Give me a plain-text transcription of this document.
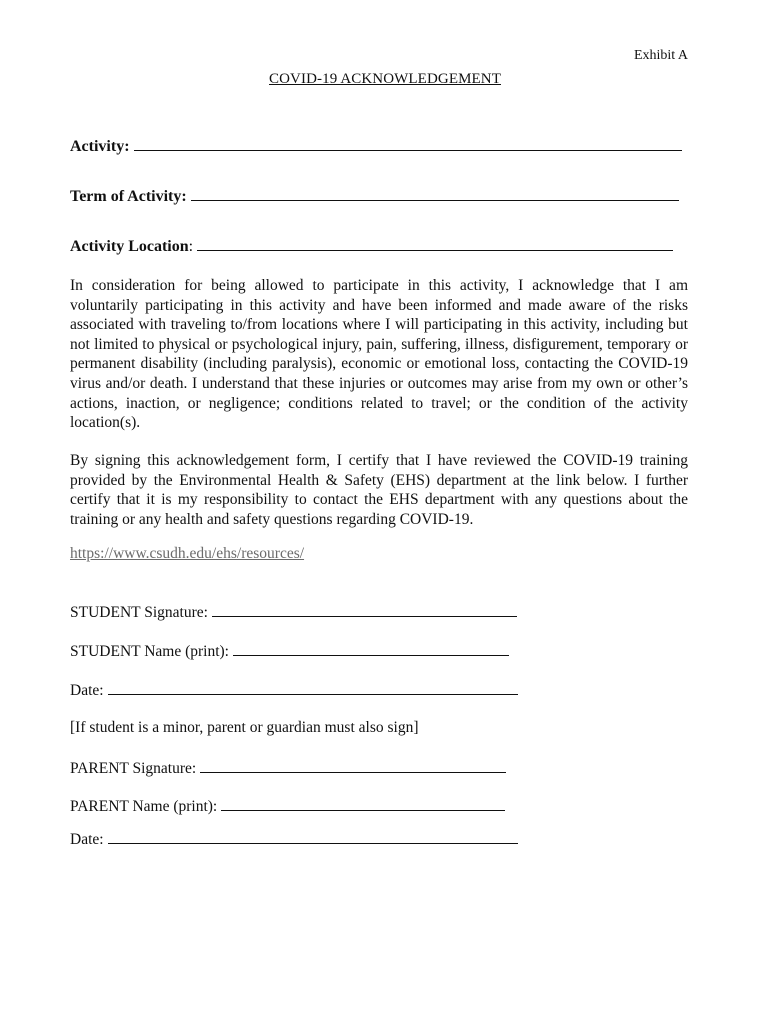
Exhibit A
COVID-19 ACKNOWLEDGEMENT
Activity:
Term of Activity:
Activity Location:

In consideration for being allowed to participate in this activity, I acknowledge that I am voluntarily participating in this activity and have been informed and made aware of the risks associated with traveling to/from locations where I will participating in this activity, including but not limited to physical or psychological injury, pain, suffering, illness, disfigurement, temporary or permanent disability (including paralysis), economic or emotional loss, contacting the COVID-19 virus and/or death. I understand that these injuries or outcomes may arise from my own or other’s actions, inaction, or negligence; conditions related to travel; or the condition of the activity location(s).

By signing this acknowledgement form, I certify that I have reviewed the COVID-19 training provided by the Environmental Health & Safety (EHS) department at the link below. I further certify that it is my responsibility to contact the EHS department with any questions about the training or any health and safety questions regarding COVID-19.

https://www.csudh.edu/ehs/resources/
STUDENT Signature:
STUDENT Name (print):
Date:
[If student is a minor, parent or guardian must also sign]
PARENT Signature:
PARENT Name (print):
Date:
